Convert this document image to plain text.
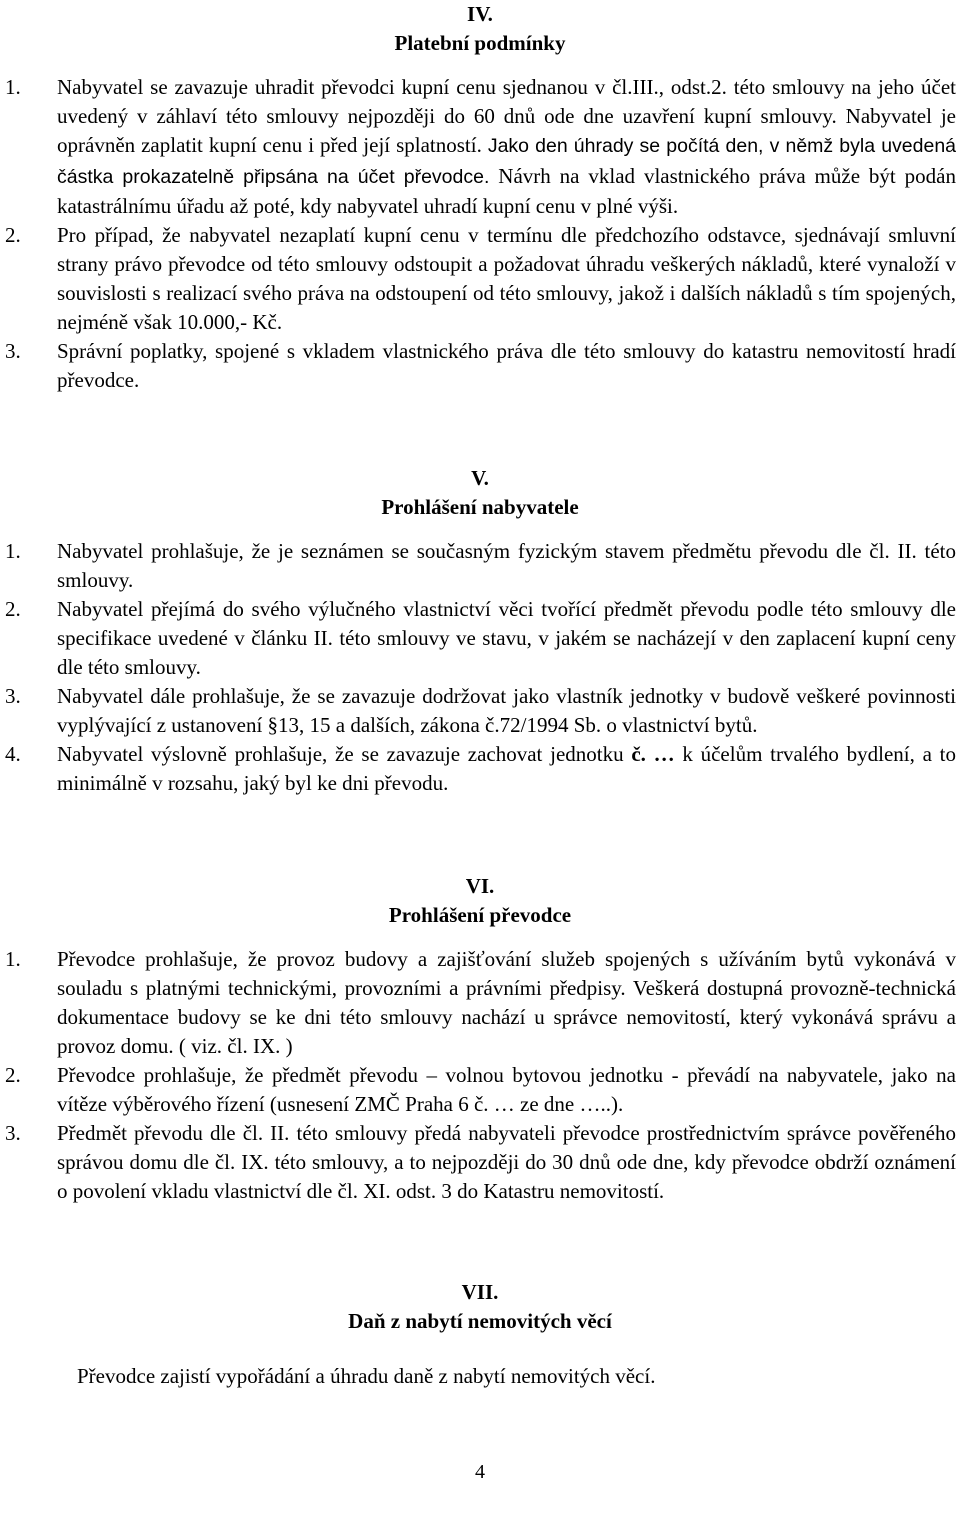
IV.

Platební podmínky

1. Nabyvatel se zavazuje uhradit převodci kupní cenu sjednanou v čl.III., odst.2. této smlouvy na jeho účet uvedený v záhlaví této smlouvy nejpozději do 60 dnů ode dne uzavření kupní smlouvy. Nabyvatel je oprávněn zaplatit kupní cenu i před její splatností. Jako den úhrady se počítá den, v němž byla uvedená částka prokazatelně připsána na účet převodce. Návrh na vklad vlastnického práva může být podán katastrálnímu úřadu až poté, kdy nabyvatel uhradí kupní cenu v plné výši.
2. Pro případ, že nabyvatel nezaplatí kupní cenu v termínu dle předchozího odstavce, sjednávají smluvní strany právo převodce od této smlouvy odstoupit a požadovat úhradu veškerých nákladů, které vynaloží v souvislosti s realizací svého práva na odstoupení od této smlouvy, jakož i dalších nákladů s tím spojených, nejméně však 10.000,- Kč.
3. Správní poplatky, spojené s vkladem vlastnického práva dle této smlouvy do katastru nemovitostí hradí převodce.

V.

Prohlášení nabyvatele

1. Nabyvatel prohlašuje, že je seznámen se současným fyzickým stavem předmětu převodu dle čl. II. této smlouvy.
2. Nabyvatel přejímá do svého výlučného vlastnictví věci tvořící předmět převodu podle této smlouvy dle specifikace uvedené v článku II. této smlouvy ve stavu, v jakém se nacházejí v den zaplacení kupní ceny dle této smlouvy.
3. Nabyvatel dále prohlašuje, že se zavazuje dodržovat jako vlastník jednotky v budově veškeré povinnosti vyplývající z ustanovení §13, 15 a dalších, zákona č.72/1994 Sb. o vlastnictví bytů.
4. Nabyvatel výslovně prohlašuje, že se zavazuje zachovat jednotku č. … k účelům trvalého bydlení, a to minimálně v rozsahu, jaký byl ke dni převodu.

VI.

Prohlášení převodce

1. Převodce prohlašuje, že provoz budovy a zajišťování služeb spojených s užíváním bytů vykonává v souladu s platnými technickými, provozními a právními předpisy. Veškerá dostupná provozně-technická dokumentace budovy se ke dni této smlouvy nachází u správce nemovitostí, který vykonává správu a provoz domu. ( viz. čl. IX. )
2. Převodce prohlašuje, že předmět převodu – volnou bytovou jednotku - převádí na nabyvatele, jako na vítěze výběrového řízení (usnesení ZMČ Praha 6 č. … ze dne …..).
3. Předmět převodu dle čl. II. této smlouvy předá nabyvateli převodce prostřednictvím správce pověřeného správou domu dle čl. IX. této smlouvy, a to nejpozději do 30 dnů ode dne, kdy převodce obdrží oznámení o povolení vkladu vlastnictví dle čl. XI. odst. 3 do Katastru nemovitostí.

VII.

Daň z nabytí nemovitých věcí

Převodce zajistí vypořádání a úhradu daně z nabytí nemovitých věcí.

4
